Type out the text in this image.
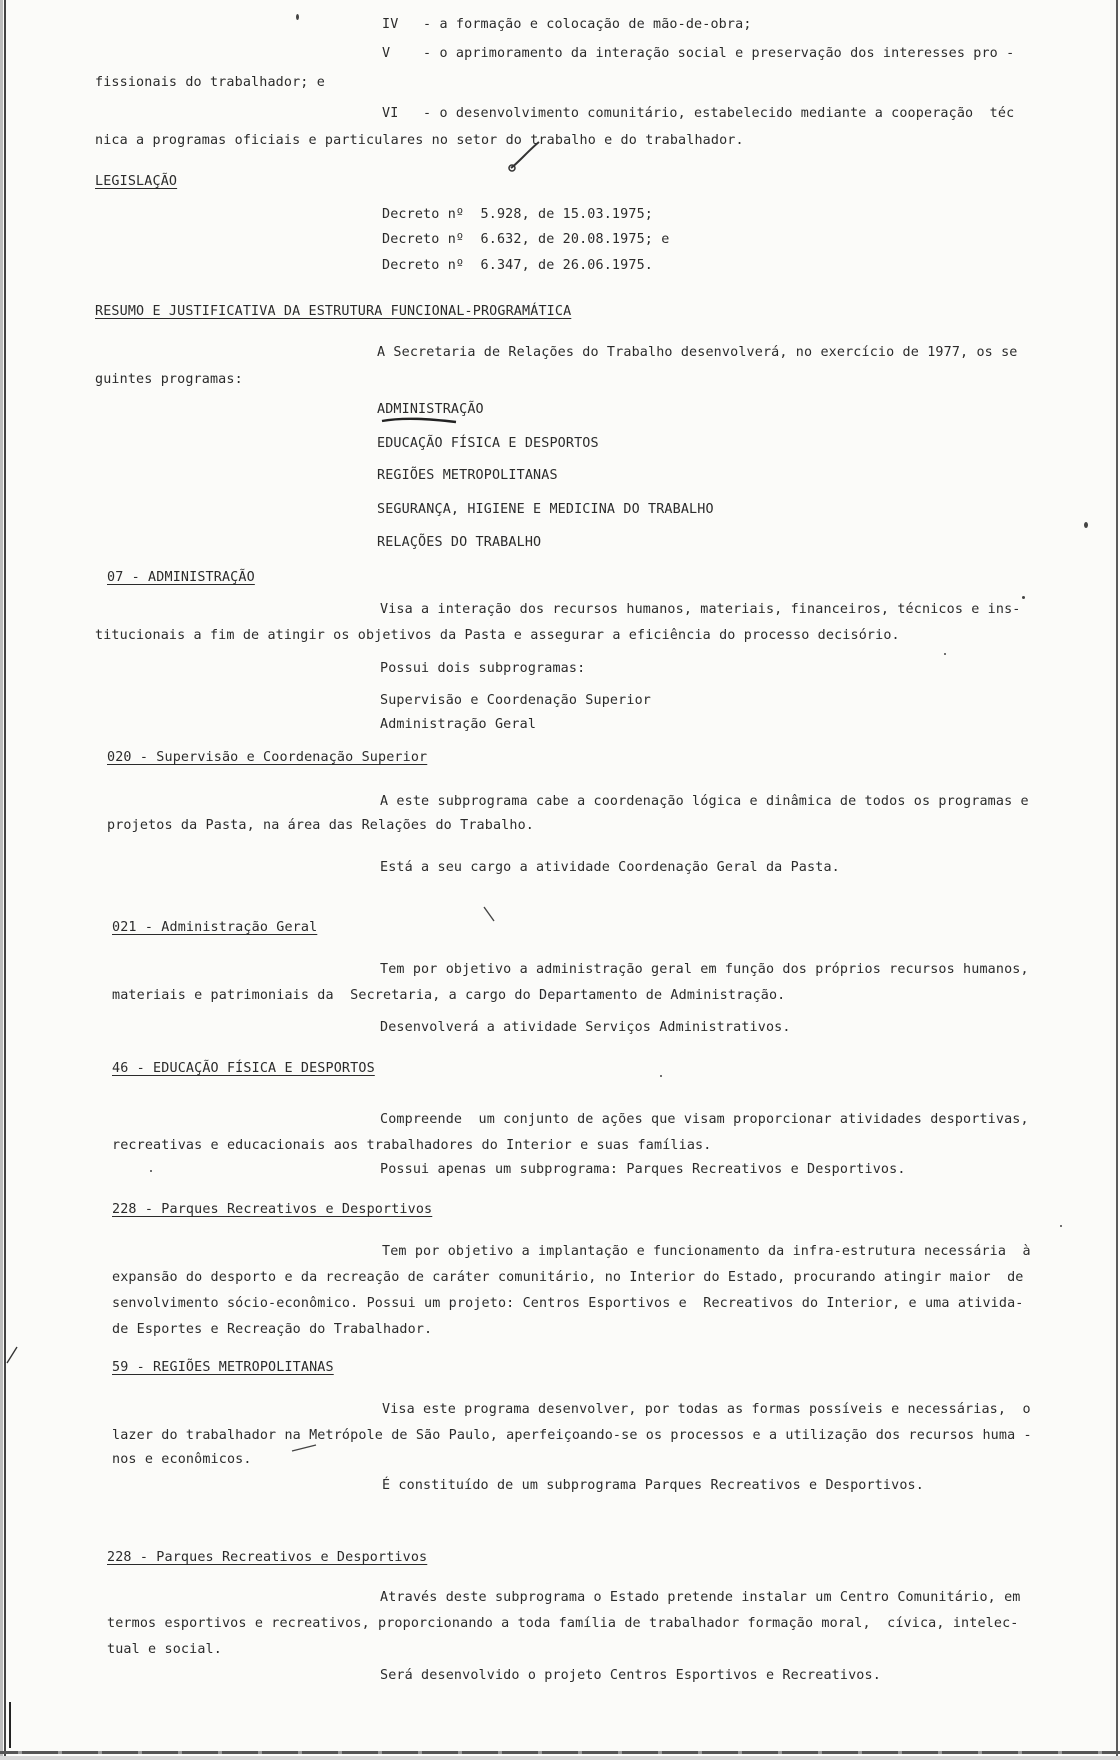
IV   - a formação e colocação de mão-de-obra;
V    - o aprimoramento da interação social e preservação dos interesses pro -
fissionais do trabalhador; e
VI   - o desenvolvimento comunitário, estabelecido mediante a cooperação  téc
nica a programas oficiais e particulares no setor do trabalho e do trabalhador.
LEGISLAÇÃO
Decreto nº  5.928, de 15.03.1975;
Decreto nº  6.632, de 20.08.1975; e
Decreto nº  6.347, de 26.06.1975.
RESUMO E JUSTIFICATIVA DA ESTRUTURA FUNCIONAL-PROGRAMÁTICA
A Secretaria de Relações do Trabalho desenvolverá, no exercício de 1977, os se
guintes programas:
ADMINISTRAÇÃO
EDUCAÇÃO FÍSICA E DESPORTOS
REGIÕES METROPOLITANAS
SEGURANÇA, HIGIENE E MEDICINA DO TRABALHO
RELAÇÕES DO TRABALHO
07 - ADMINISTRAÇÃO
Visa a interação dos recursos humanos, materiais, financeiros, técnicos e ins-
titucionais a fim de atingir os objetivos da Pasta e assegurar a eficiência do processo decisório.
Possui dois subprogramas:
Supervisão e Coordenação Superior
Administração Geral
020 - Supervisão e Coordenação Superior
A este subprograma cabe a coordenação lógica e dinâmica de todos os programas e
projetos da Pasta, na área das Relações do Trabalho.
Está a seu cargo a atividade Coordenação Geral da Pasta.
021 - Administração Geral
Tem por objetivo a administração geral em função dos próprios recursos humanos,
materiais e patrimoniais da  Secretaria, a cargo do Departamento de Administração.
Desenvolverá a atividade Serviços Administrativos.
46 - EDUCAÇÃO FÍSICA E DESPORTOS
Compreende  um conjunto de ações que visam proporcionar atividades desportivas,
recreativas e educacionais aos trabalhadores do Interior e suas famílias.
Possui apenas um subprograma: Parques Recreativos e Desportivos.
228 - Parques Recreativos e Desportivos
Tem por objetivo a implantação e funcionamento da infra-estrutura necessária  à
expansão do desporto e da recreação de caráter comunitário, no Interior do Estado, procurando atingir maior  de
senvolvimento sócio-econômico. Possui um projeto: Centros Esportivos e  Recreativos do Interior, e uma ativida-
de Esportes e Recreação do Trabalhador.
59 - REGIÕES METROPOLITANAS
Visa este programa desenvolver, por todas as formas possíveis e necessárias,  o
lazer do trabalhador na Metrópole de São Paulo, aperfeiçoando-se os processos e a utilização dos recursos huma -
nos e econômicos.
É constituído de um subprograma Parques Recreativos e Desportivos.
228 - Parques Recreativos e Desportivos
Através deste subprograma o Estado pretende instalar um Centro Comunitário, em
termos esportivos e recreativos, proporcionando a toda família de trabalhador formação moral,  cívica, intelec-
tual e social.
Será desenvolvido o projeto Centros Esportivos e Recreativos.
